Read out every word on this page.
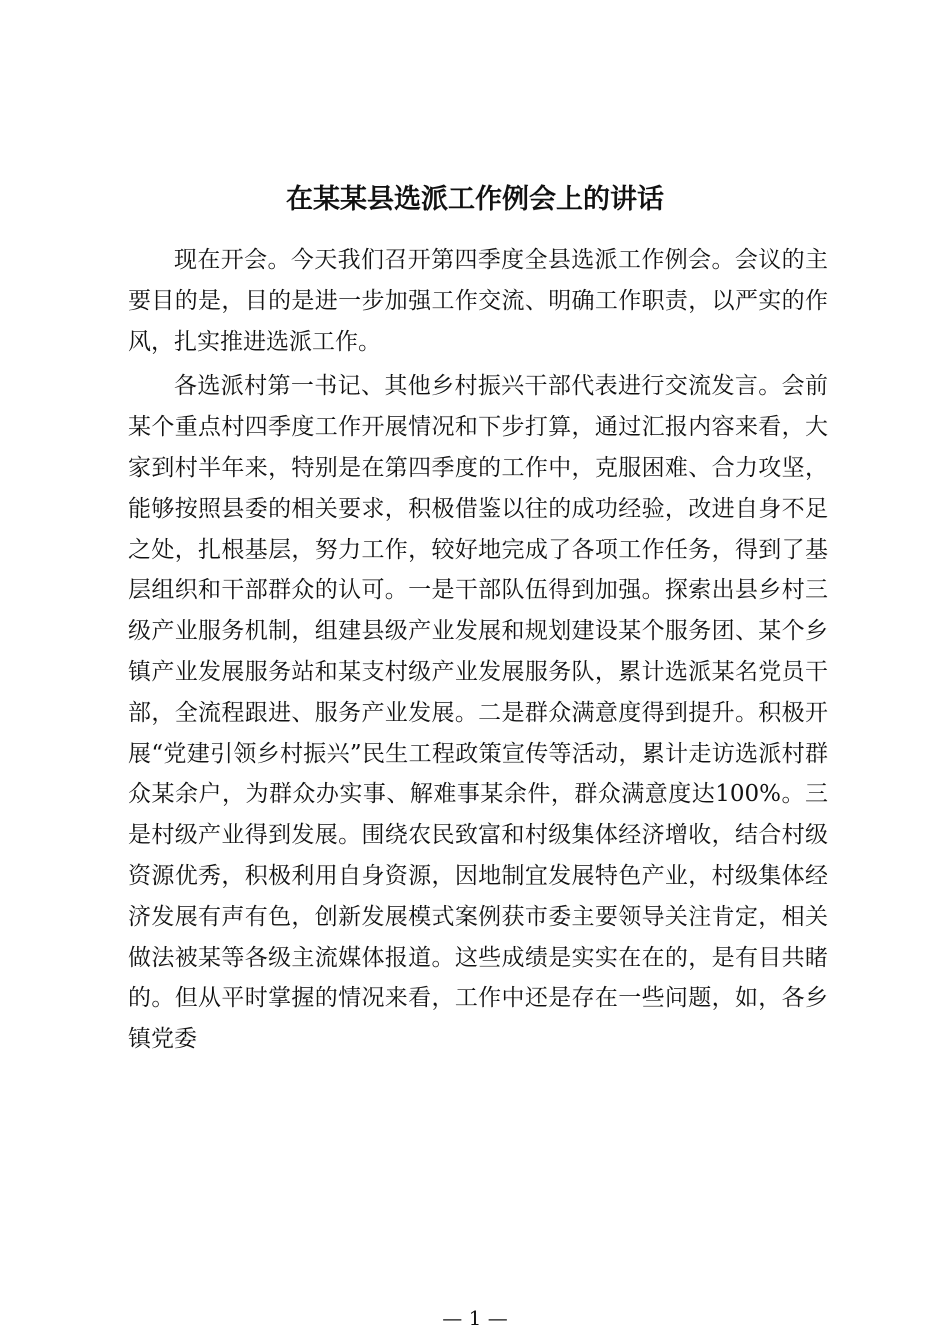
在某某县选派工作例会上的讲话

现在开会。今天我们召开第四季度全县选派工作例会。会议的主要目的是，目的是进一步加强工作交流、明确工作职责，以严实的作风，扎实推进选派工作。

各选派村第一书记、其他乡村振兴干部代表进行交流发言。会前某个重点村四季度工作开展情况和下步打算，通过汇报内容来看，大家到村半年来，特别是在第四季度的工作中，克服困难、合力攻坚，能够按照县委的相关要求，积极借鉴以往的成功经验，改进自身不足之处，扎根基层，努力工作，较好地完成了各项工作任务，得到了基层组织和干部群众的认可。一是干部队伍得到加强。探索出县乡村三级产业服务机制，组建县级产业发展和规划建设某个服务团、某个乡镇产业发展服务站和某支村级产业发展服务队，累计选派某名党员干部，全流程跟进、服务产业发展。二是群众满意度得到提升。积极开展“党建引领乡村振兴”民生工程政策宣传等活动，累计走访选派村群众某余户，为群众办实事、解难事某余件，群众满意度达100%。三是村级产业得到发展。围绕农民致富和村级集体经济增收，结合村级资源优秀，积极利用自身资源，因地制宜发展特色产业，村级集体经济发展有声有色，创新发展模式案例获市委主要领导关注肯定，相关做法被某等各级主流媒体报道。这些成绩是实实在在的，是有目共睹的。但从平时掌握的情况来看，工作中还是存在一些问题，如，各乡镇党委

— 1 —
